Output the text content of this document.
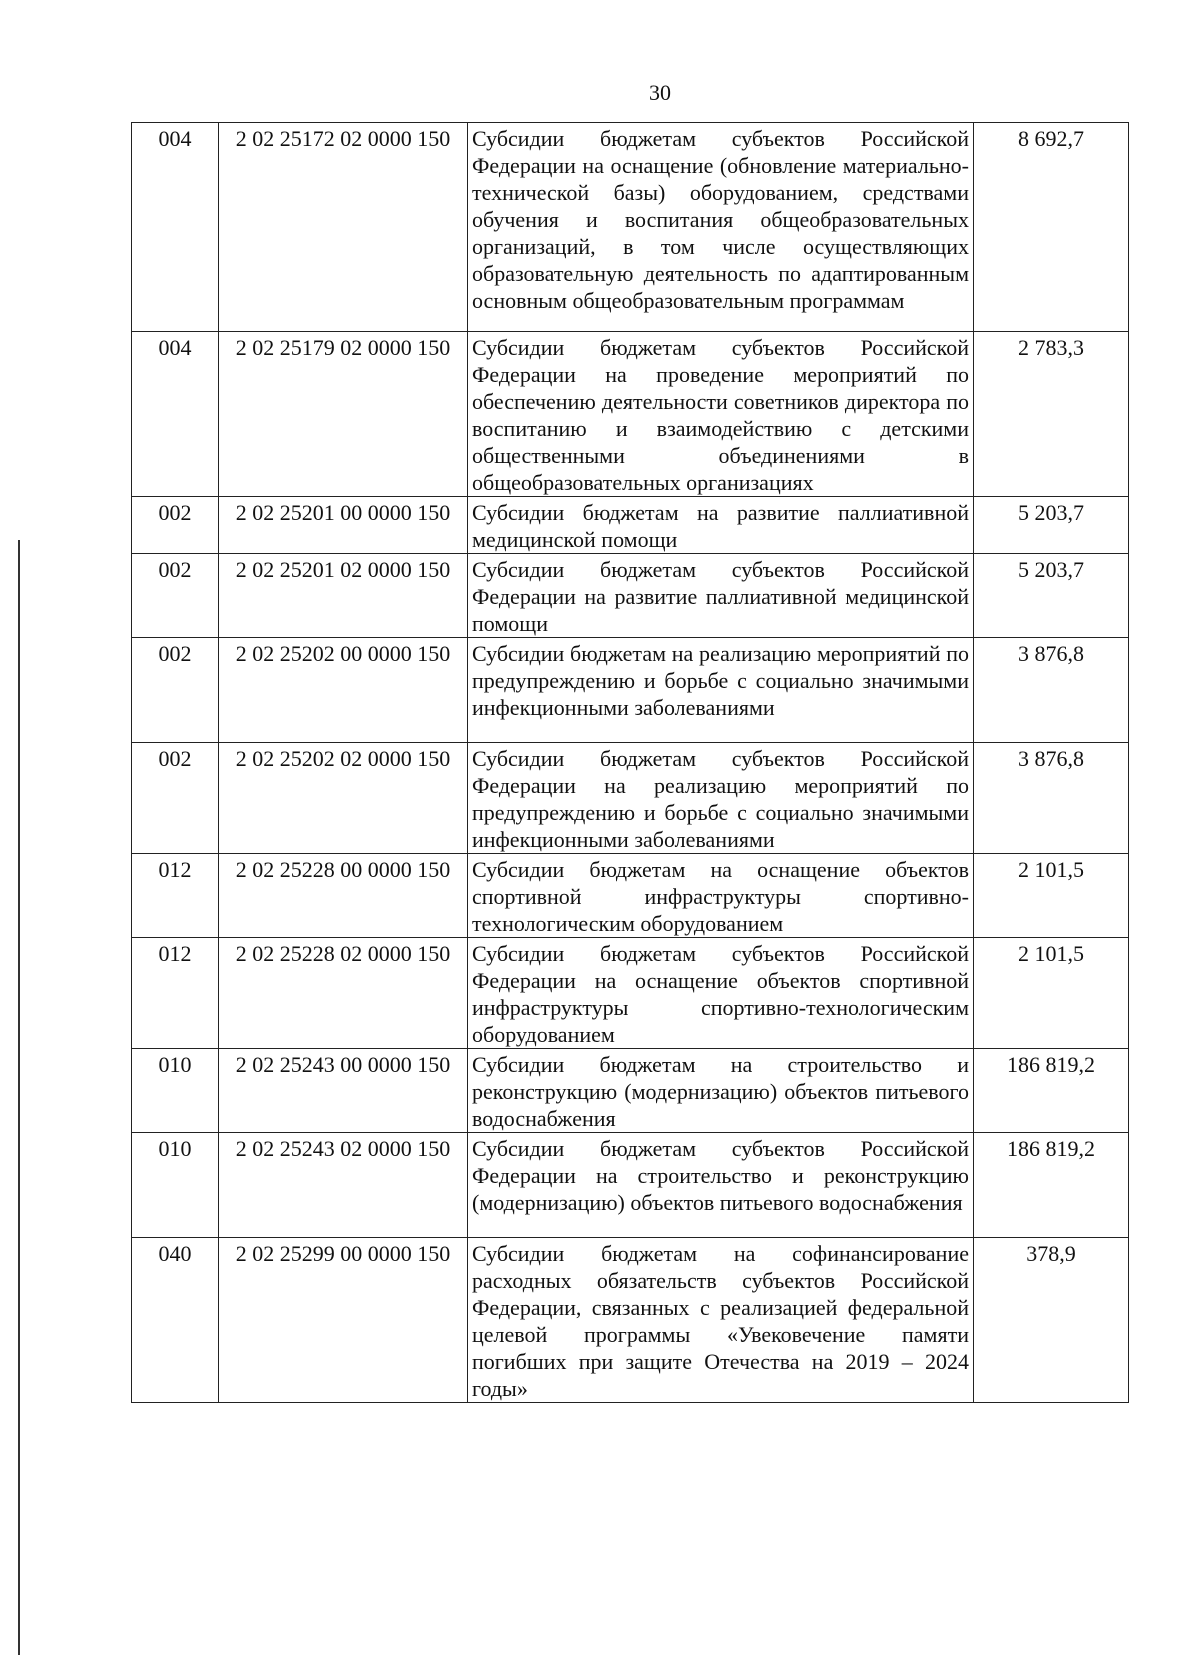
30
004	2 02 25172 02 0000 150	Субсидии бюджетам субъектов Российской Федерации на оснащение (обновление материально-технической базы) оборудованием, средствами обучения и воспитания общеобразовательных организаций, в том числе осуществляющих образовательную деятельность по адаптированным основным общеобразовательным программам	8 692,7
004	2 02 25179 02 0000 150	Субсидии бюджетам субъектов Российской Федерации на проведение мероприятий по обеспечению деятельности советников директора по воспитанию и взаимодействию с детскими общественными объединениями в общеобразовательных организациях	2 783,3
002	2 02 25201 00 0000 150	Субсидии бюджетам на развитие паллиативной медицинской помощи	5 203,7
002	2 02 25201 02 0000 150	Субсидии бюджетам субъектов Российской Федерации на развитие паллиативной медицинской помощи	5 203,7
002	2 02 25202 00 0000 150	Субсидии бюджетам на реализацию мероприятий по предупреждению и борьбе с социально значимыми инфекционными заболеваниями	3 876,8
002	2 02 25202 02 0000 150	Субсидии бюджетам субъектов Российской Федерации на реализацию мероприятий по предупреждению и борьбе с социально значимыми инфекционными заболеваниями	3 876,8
012	2 02 25228 00 0000 150	Субсидии бюджетам на оснащение объектов спортивной инфраструктуры спортивно-технологическим оборудованием	2 101,5
012	2 02 25228 02 0000 150	Субсидии бюджетам субъектов Российской Федерации на оснащение объектов спортивной инфраструктуры спортивно-технологическим оборудованием	2 101,5
010	2 02 25243 00 0000 150	Субсидии бюджетам на строительство и реконструкцию (модернизацию) объектов питьевого водоснабжения	186 819,2
010	2 02 25243 02 0000 150	Субсидии бюджетам субъектов Российской Федерации на строительство и реконструкцию (модернизацию) объектов питьевого водоснабжения	186 819,2
040	2 02 25299 00 0000 150	Субсидии бюджетам на софинансирование расходных обязательств субъектов Российской Федерации, связанных с реализацией федеральной целевой программы «Увековечение памяти погибших при защите Отечества на 2019 – 2024 годы»	378,9
